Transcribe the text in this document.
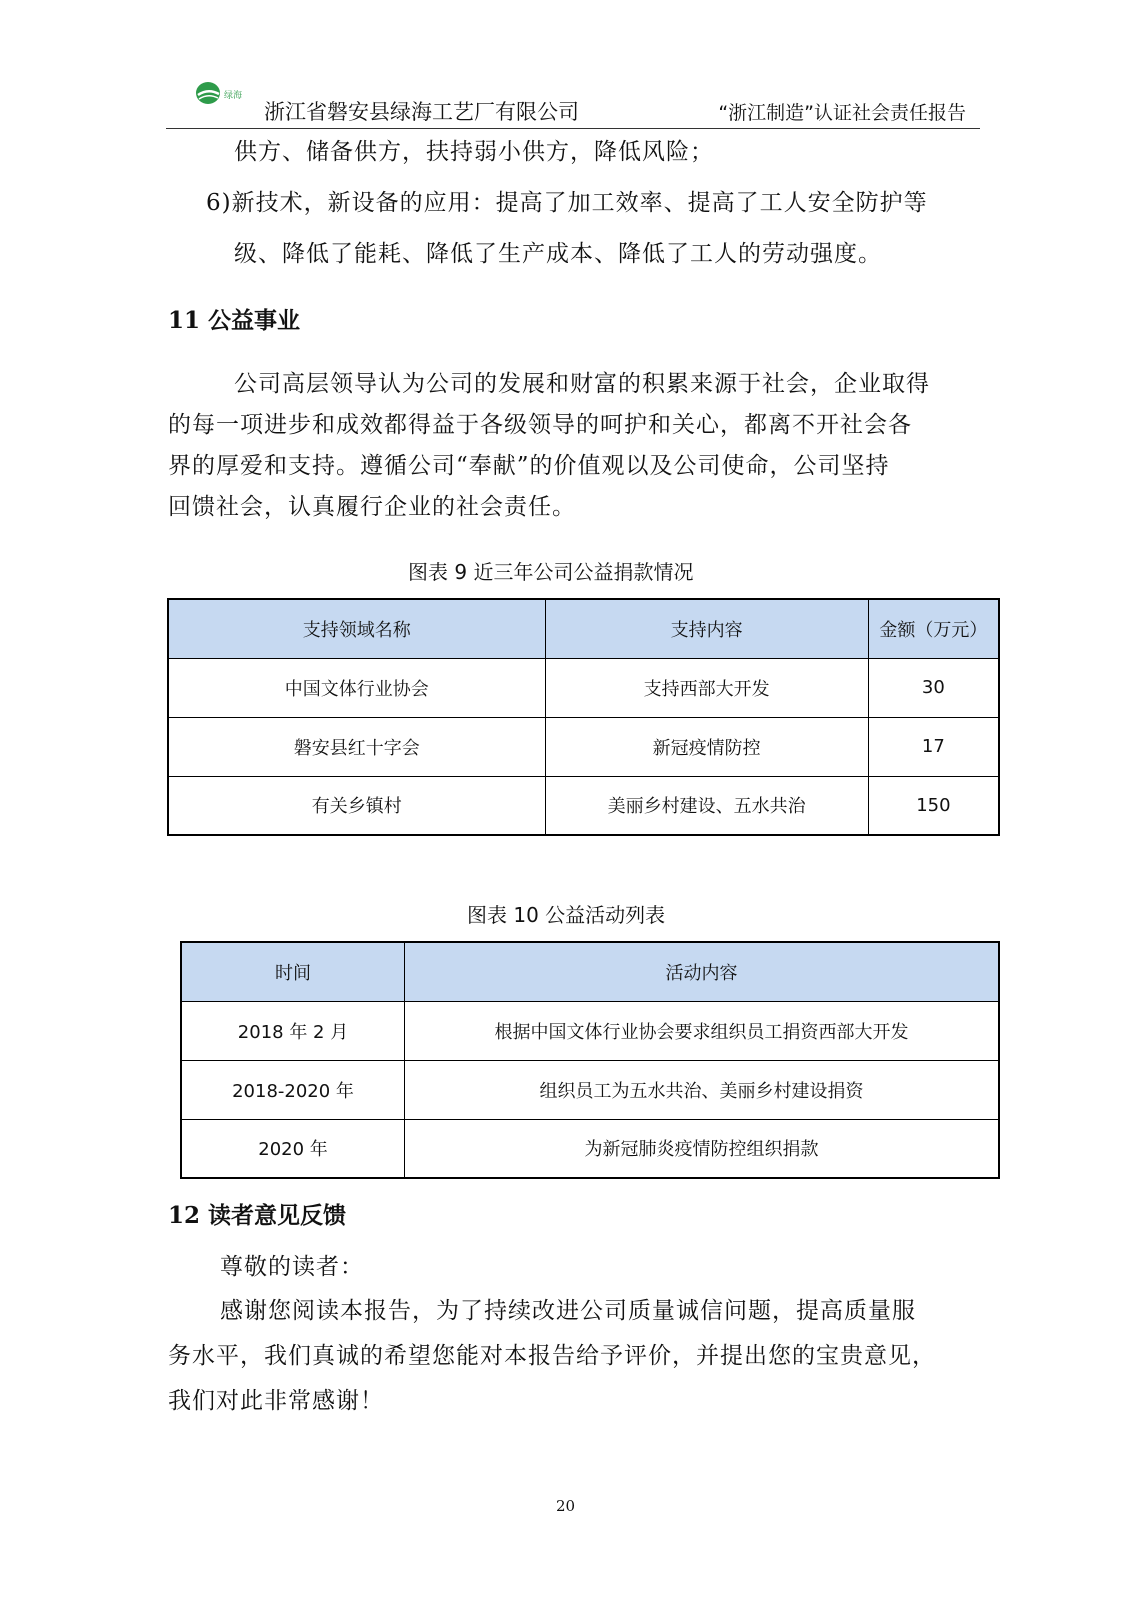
绿海
浙江省磐安县绿海工艺厂有限公司	“浙江制造”认证社会责任报告
供方、储备供方，扶持弱小供方，降低风险；
6)新技术，新设备的应用：提高了加工效率、提高了工人安全防护等
级、降低了能耗、降低了生产成本、降低了工人的劳动强度。
11 公益事业
公司高层领导认为公司的发展和财富的积累来源于社会，企业取得
的每一项进步和成效都得益于各级领导的呵护和关心，都离不开社会各
界的厚爱和支持。遵循公司“奉献”的价值观以及公司使命，公司坚持
回馈社会，认真履行企业的社会责任。
图表 9 近三年公司公益捐款情况
支持领域名称	支持内容	金额（万元）
中国文体行业协会	支持西部大开发	30
磐安县红十字会	新冠疫情防控	17
有关乡镇村	美丽乡村建设、五水共治	150
图表 10 公益活动列表
时间	活动内容
2018 年 2 月	根据中国文体行业协会要求组织员工捐资西部大开发
2018-2020 年	组织员工为五水共治、美丽乡村建设捐资
2020 年	为新冠肺炎疫情防控组织捐款
12 读者意见反馈
尊敬的读者：
感谢您阅读本报告，为了持续改进公司质量诚信问题，提高质量服
务水平，我们真诚的希望您能对本报告给予评价，并提出您的宝贵意见，
我们对此非常感谢！
20
